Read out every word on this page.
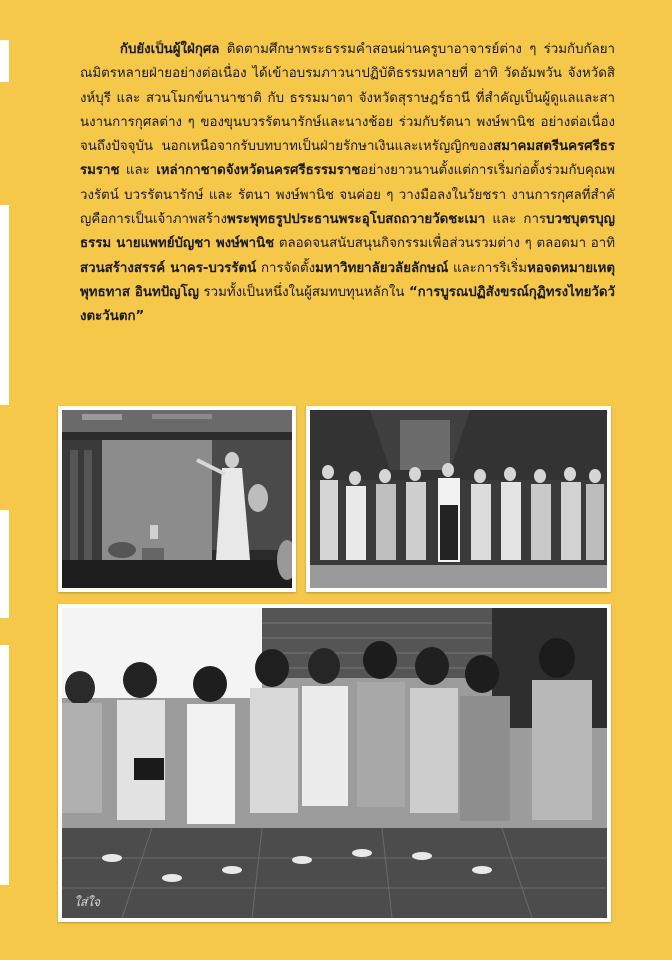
   กับยังเป็นผู้ใฝ่กุศล ติดตามศึกษาพระธรรมคำสอนผ่านครูบาอาจารย์ต่าง ๆ ร่วมกับกัลยาณมิตรหลายฝ่ายอย่างต่อเนื่อง ได้เข้าอบรมภาวนาปฏิบัติธรรมหลายที่ อาทิ วัดอัมพวัน จังหวัดสิงห์บุรี และ สวนโมกข์นานาชาติ กับ ธรรมมาตา จังหวัดสุราษฎร์ธานี ที่สำคัญเป็นผู้ดูแลและสานงานการกุศลต่าง ๆ ของขุนบวรรัตนารักษ์และนางช้อย ร่วมกับรัตนา พงษ์พานิช อย่างต่อเนื่องจนถึงปัจจุบัน นอกเหนือจากรับบทบาทเป็นฝ่ายรักษาเงินและเหรัญญิกของสมาคมสตรีนครศรีธรรมราช และ เหล่ากาชาดจังหวัดนครศรีธรรมราชอย่างยาวนานตั้งแต่การเริ่มก่อตั้งร่วมกับคุณพวงรัตน์ บวรรัตนารักษ์ และ รัตนา พงษ์พานิช จนค่อย ๆ วางมือลงในวัยชรา งานการกุศลที่สำคัญคือการเป็นเจ้าภาพสร้างพระพุทธรูปประธานพระอุโบสถถวายวัดชะเมา และ การบวชบุตรบุญธรรม นายแพทย์บัญชา พงษ์พานิช ตลอดจนสนับสนุนกิจกรรมเพื่อส่วนรวมต่าง ๆ ตลอดมา อาทิ สวนสร้างสรรค์ นาคร-บวรรัตน์ การจัดตั้งมหาวิทยาลัยวลัยลักษณ์ และการริเริ่มหอจดหมายเหตุพุทธทาส อินทปัญโญ รวมทั้งเป็นหนึ่งในผู้สมทบทุนหลักใน “การบูรณปฏิสังขรณ์กุฏิทรงไทยวัดวังตะวันตก”
ใส่ใจ
